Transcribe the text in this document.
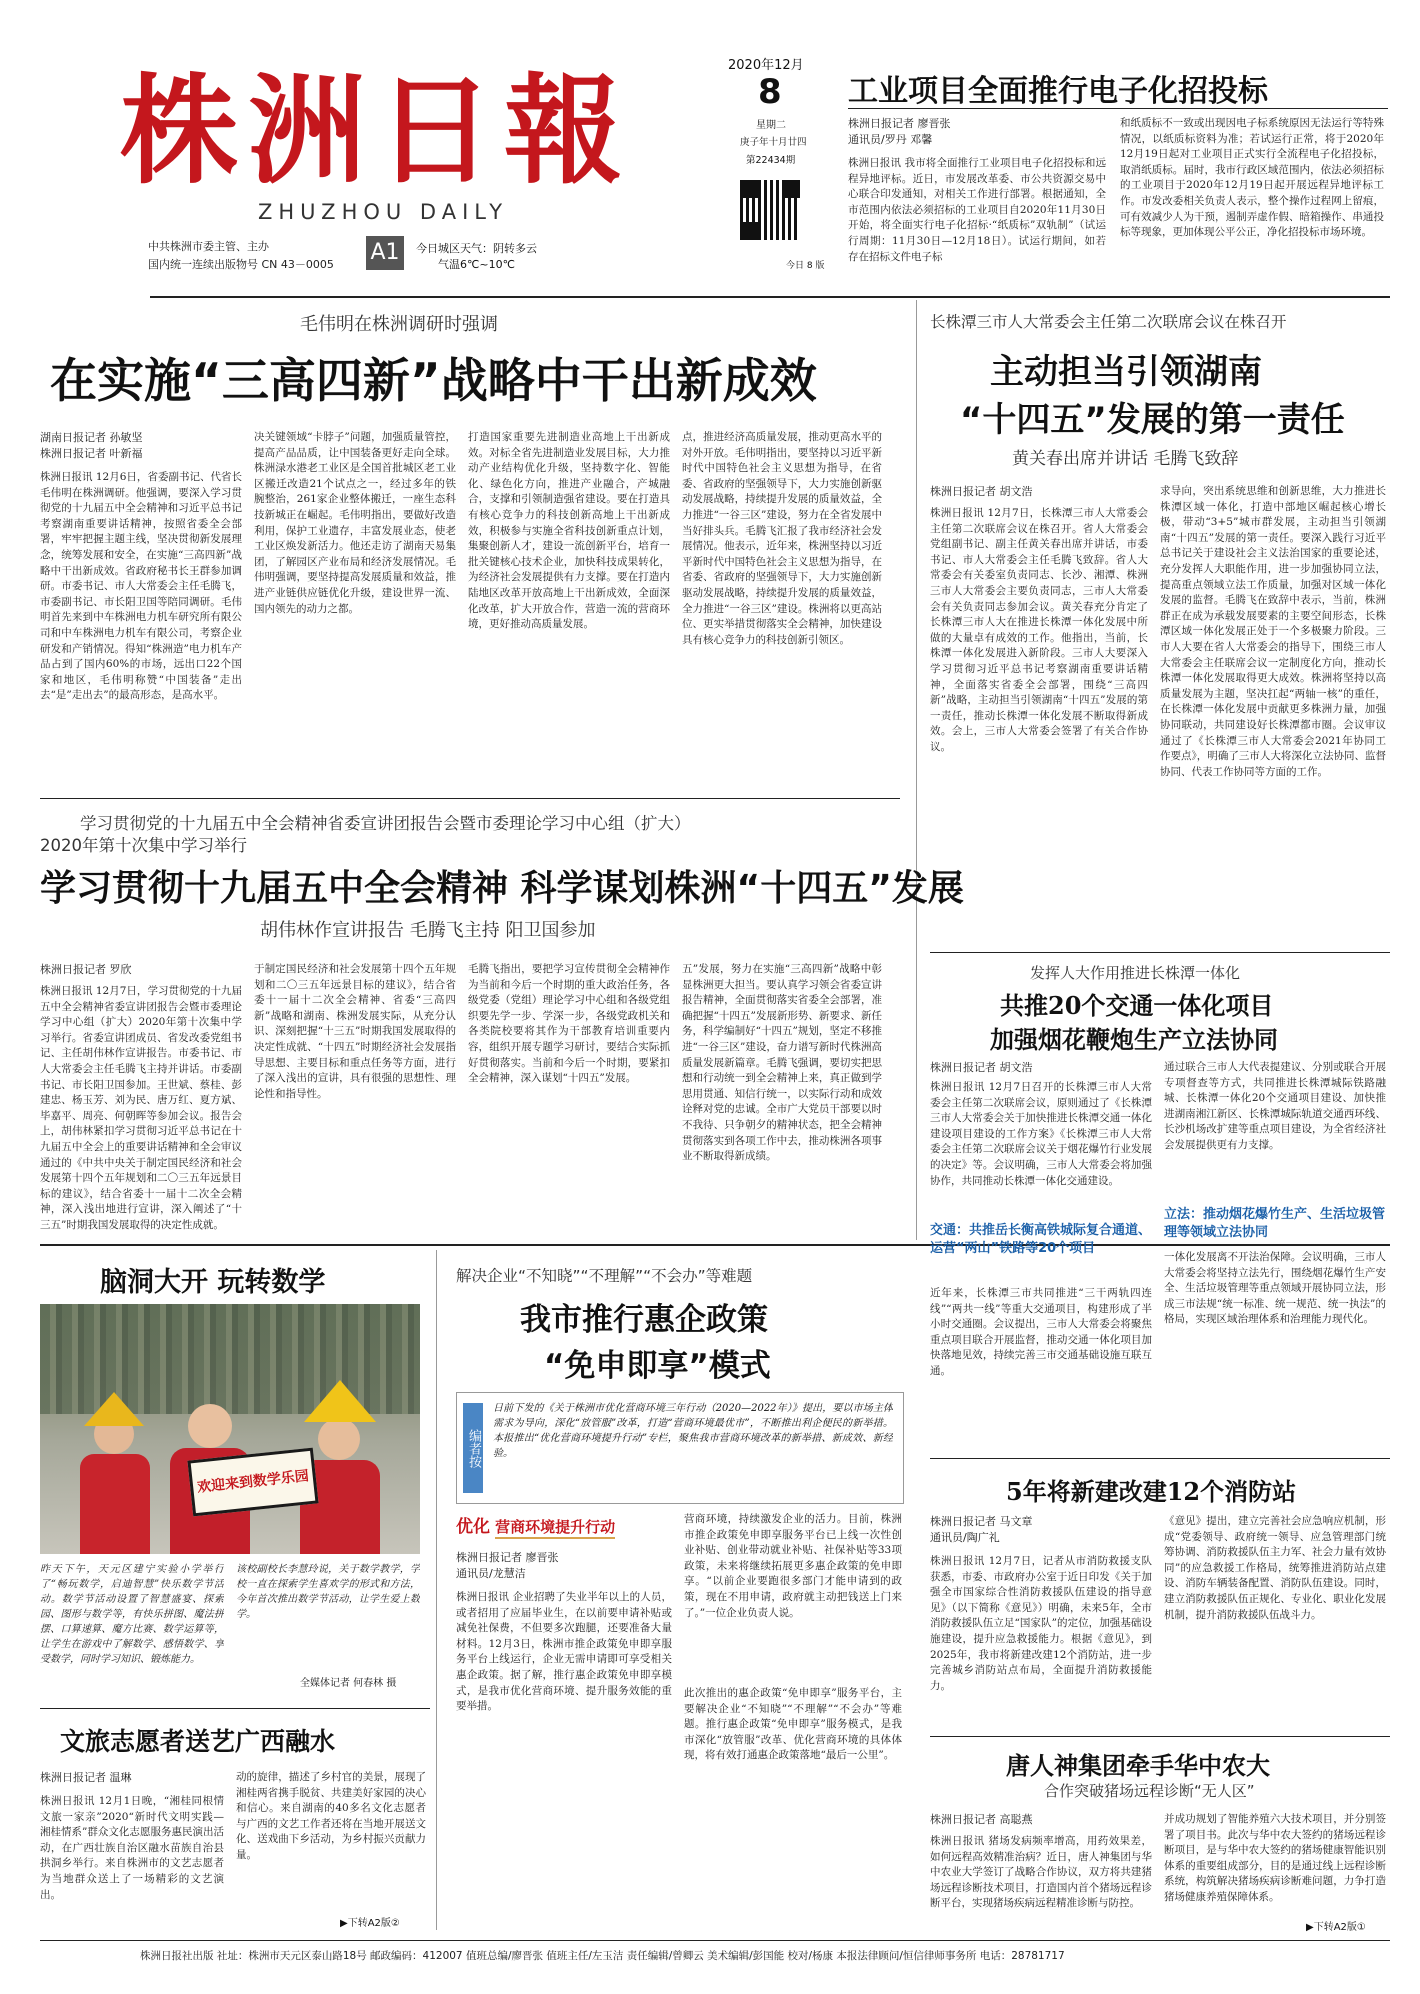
株洲日報
ZHUZHOU DAILY
中共株洲市委主管、主办
国内统一连续出版物号 CN 43－0005 A1	今日城区天气：阴转多云
气温6℃~10℃
2020年12月
8
星期二
庚子年十月廿四
第22434期
今日 8 版
工业项目全面推行电子化招投标
株洲日报记者 廖晋张
通讯员/罗丹 邓馨
株洲日报讯 我市将全面推行工业项目电子化招投标和远程异地评标。近日，市发展改革委、市公共资源交易中心联合印发通知，对相关工作进行部署。根据通知，全市范围内依法必须招标的工业项目自2020年11月30日开始，将全面实行电子化招标·“纸质标”双轨制”（试运行周期：11月30日—12月18日）。试运行期间，如若存在招标文件电子标
和纸质标不一致或出现因电子标系统原因无法运行等特殊情况，以纸质标资料为准；若试运行正常，将于2020年12月19日起对工业项目正式实行全流程电子化招投标，取消纸质标。届时，我市行政区域范围内，依法必须招标的工业项目于2020年12月19日起开展远程异地评标工作。市发改委相关负责人表示，整个操作过程网上留痕，可有效减少人为干预，遏制弄虚作假、暗箱操作、串通投标等现象，更加体现公平公正，净化招投标市场环境。
毛伟明在株洲调研时强调
在实施“三高四新”战略中干出新成效
湖南日报记者 孙敏坚
株洲日报记者 叶新福
株洲日报讯 12月6日，省委副书记、代省长毛伟明在株洲调研。他强调，要深入学习贯彻党的十九届五中全会精神和习近平总书记考察湖南重要讲话精神，按照省委全会部署，牢牢把握主题主线，坚决贯彻新发展理念，统筹发展和安全，在实施“三高四新”战略中干出新成效。省政府秘书长王群参加调研。市委书记、市人大常委会主任毛腾飞，市委副书记、市长阳卫国等陪同调研。毛伟明首先来到中车株洲电力机车研究所有限公司和中车株洲电力机车有限公司，考察企业研发和产销情况。得知“株洲造”电力机车产品占到了国内60%的市场，远出口22个国家和地区，毛伟明称赞“中国装备”走出去“是”走出去”的最高形态，是高水平。
决关键领域“卡脖子”问题，加强质量管控，提高产品品质，让中国装备更好走向全球。株洲渌水港老工业区是全国首批城区老工业区搬迁改造21个试点之一，经过多年的铁腕整治，261家企业整体搬迁，一座生态科技新城正在崛起。毛伟明指出，要做好改造利用，保护工业遗存，丰富发展业态，使老工业区焕发新活力。他还走访了湖南天易集团，了解园区产业布局和经济发展情况。毛伟明强调，要坚持提高发展质量和效益，推进产业链供应链优化升级，建设世界一流、国内领先的动力之都。
打造国家重要先进制造业高地上干出新成效。对标全省先进制造业发展目标，大力推动产业结构优化升级，坚持数字化、智能化、绿色化方向，推进产业融合，产城融合，支撑和引领制造强省建设。要在打造具有核心竞争力的科技创新高地上干出新成效，积极参与实施全省科技创新重点计划，集聚创新人才，建设一流创新平台，培育一批关键核心技术企业，加快科技成果转化，为经济社会发展提供有力支撑。要在打造内陆地区改革开放高地上干出新成效，全面深化改革，扩大开放合作，营造一流的营商环境，更好推动高质量发展。
点，推进经济高质量发展，推动更高水平的对外开放。毛伟明指出，要坚持以习近平新时代中国特色社会主义思想为指导，在省委、省政府的坚强领导下，大力实施创新驱动发展战略，持续提升发展的质量效益，全力推进“一谷三区”建设，努力在全省发展中当好排头兵。毛腾飞汇报了我市经济社会发展情况。他表示，近年来，株洲坚持以习近平新时代中国特色社会主义思想为指导，在省委、省政府的坚强领导下，大力实施创新驱动发展战略，持续提升发展的质量效益，全力推进“一谷三区”建设。株洲将以更高站位、更实举措贯彻落实全会精神，加快建设具有核心竞争力的科技创新引领区。
学习贯彻党的十九届五中全会精神省委宣讲团报告会暨市委理论学习中心组（扩大）
2020年第十次集中学习举行
学习贯彻十九届五中全会精神 科学谋划株洲“十四五”发展
胡伟林作宣讲报告 毛腾飞主持 阳卫国参加
株洲日报记者 罗欣
株洲日报讯 12月7日，学习贯彻党的十九届五中全会精神省委宣讲团报告会暨市委理论学习中心组（扩大）2020年第十次集中学习举行。省委宣讲团成员、省发改委党组书记、主任胡伟林作宣讲报告。市委书记、市人大常委会主任毛腾飞主持并讲话。市委副书记、市长阳卫国参加。王世斌、蔡桂、彭建忠、杨玉芳、刘为民、唐万红、夏方斌、毕嘉平、周亮、何朝晖等参加会议。报告会上，胡伟林紧扣学习贯彻习近平总书记在十九届五中全会上的重要讲话精神和全会审议通过的《中共中央关于制定国民经济和社会发展第十四个五年规划和二〇三五年远景目标的建议》，结合省委十一届十二次全会精神，深入浅出地进行宣讲，深入阐述了“十三五”时期我国发展取得的决定性成就。
于制定国民经济和社会发展第十四个五年规划和二〇三五年远景目标的建议》，结合省委十一届十二次全会精神、省委“三高四新”战略和湖南、株洲发展实际，从充分认识、深刻把握“十三五”时期我国发展取得的决定性成就、“十四五”时期经济社会发展指导思想、主要目标和重点任务等方面，进行了深入浅出的宣讲，具有很强的思想性、理论性和指导性。
毛腾飞指出，要把学习宣传贯彻全会精神作为当前和今后一个时期的重大政治任务，各级党委（党组）理论学习中心组和各级党组织要先学一步、学深一步，各级党政机关和各类院校要将其作为干部教育培训重要内容，组织开展专题学习研讨，要结合实际抓好贯彻落实。当前和今后一个时期，要紧扣全会精神，深入谋划“十四五”发展。
五”发展，努力在实施“三高四新”战略中彰显株洲更大担当。要认真学习领会省委宣讲报告精神，全面贯彻落实省委全会部署，准确把握“十四五”发展新形势、新要求、新任务，科学编制好“十四五”规划，坚定不移推进“一谷三区”建设，奋力谱写新时代株洲高质量发展新篇章。毛腾飞强调，要切实把思想和行动统一到全会精神上来，真正做到学思用贯通、知信行统一，以实际行动和成效诠释对党的忠诚。全市广大党员干部要以时不我待、只争朝夕的精神状态，把全会精神贯彻落实到各项工作中去，推动株洲各项事业不断取得新成绩。
长株潭三市人大常委会主任第二次联席会议在株召开
主动担当引领湖南
“十四五”发展的第一责任
黄关春出席并讲话 毛腾飞致辞
株洲日报记者 胡文浩
株洲日报讯 12月7日，长株潭三市人大常委会主任第二次联席会议在株召开。省人大常委会党组副书记、副主任黄关春出席并讲话，市委书记、市人大常委会主任毛腾飞致辞。省人大常委会有关委室负责同志、长沙、湘潭、株洲三市人大常委会主要负责同志，三市人大常委会有关负责同志参加会议。黄关春充分肯定了长株潭三市人大在推进长株潭一体化发展中所做的大量卓有成效的工作。他指出，当前，长株潭一体化发展进入新阶段。三市人大要深入学习贯彻习近平总书记考察湖南重要讲话精神，全面落实省委全会部署，围绕“三高四新”战略，主动担当引领湖南“十四五”发展的第一责任，推动长株潭一体化发展不断取得新成效。会上，三市人大常委会签署了有关合作协议。
求导向，突出系统思维和创新思维，大力推进长株潭区域一体化，打造中部地区崛起核心增长极，带动“3+5”城市群发展，主动担当引领湖南“十四五”发展的第一责任。要深入践行习近平总书记关于建设社会主义法治国家的重要论述，充分发挥人大职能作用，进一步加强协同立法，提高重点领域立法工作质量，加强对区域一体化发展的监督。毛腾飞在致辞中表示，当前，株洲群正在成为承载发展要素的主要空间形态，长株潭区域一体化发展正处于一个多极聚力阶段。三市人大要在省人大常委会的指导下，围绕三市人大常委会主任联席会议一定制度化方向，推动长株潭一体化发展取得更大成效。株洲将坚持以高质量发展为主题，坚决扛起“两轴一核”的重任，在长株潭一体化发展中贡献更多株洲力量，加强协同联动，共同建设好长株潭都市圈。会议审议通过了《长株潭三市人大常委会2021年协同工作要点》，明确了三市人大将深化立法协同、监督协同、代表工作协同等方面的工作。
发挥人大作用推进长株潭一体化
共推20个交通一体化项目
加强烟花鞭炮生产立法协同
株洲日报记者 胡文浩
株洲日报讯 12月7日召开的长株潭三市人大常委会主任第二次联席会议，原则通过了《长株潭三市人大常委会关于加快推进长株潭交通一体化建设项目建设的工作方案》《长株潭三市人大常委会主任第二次联席会议关于烟花爆竹行业发展的决定》等。会议明确，三市人大常委会将加强协作，共同推动长株潭一体化交通建设。
交通：共推岳长衡高铁城际复合通道、运营“两山”铁路等20个项目
近年来，长株潭三市共同推进“三干两轨四连线”“两共一线”等重大交通项目，构建形成了半小时交通圈。会议提出，三市人大常委会将聚焦重点项目联合开展监督，推动交通一体化项目加快落地见效，持续完善三市交通基础设施互联互通。
通过联合三市人大代表提建议、分别或联合开展专项督查等方式，共同推进长株潭城际铁路融城、长株潭一体化20个交通项目建设、加快推进湖南湘江新区、长株潭城际轨道交通西环线、长沙机场改扩建等重点项目建设，为全省经济社会发展提供更有力支撑。
立法：推动烟花爆竹生产、生活垃圾管理等领域立法协同
一体化发展离不开法治保障。会议明确，三市人大常委会将坚持立法先行，围绕烟花爆竹生产安全、生活垃圾管理等重点领域开展协同立法，形成三市法规“统一标准、统一规范、统一执法”的格局，实现区域治理体系和治理能力现代化。
脑洞大开 玩转数学
欢迎来到数学乐园
昨天下午，天元区建宁实验小学举行了“畅玩数学，启迪智慧”快乐数学节活动。数学节活动设置了智慧盛宴、探索园、图形与数学等，有快乐拼图、魔法拼摆、口算速算、魔方比赛、数学运算等，让学生在游戏中了解数学、感悟数学、享受数学，同时学习知识、锻炼能力。
该校副校长李慧玲说，关于数学教学，学校一直在探索学生喜欢学的形式和方法，今年首次推出数学节活动，让学生爱上数学。
全媒体记者 何春林 摄
文旅志愿者送艺广西融水
株洲日报记者 温琳
株洲日报讯 12月1日晚，“湘桂同根情 文旅一家亲”2020“新时代文明实践—湘桂情系”群众文化志愿服务惠民演出活动，在广西壮族自治区融水苗族自治县拱洞乡举行。来自株洲市的文艺志愿者为当地群众送上了一场精彩的文艺演出。
动的旋律，描述了乡村官的美景，展现了湘桂两省携手脱贫、共建美好家园的决心和信心。来自湖南的40多名文化志愿者与广西的文艺工作者还将在当地开展送文化、送戏曲下乡活动，为乡村振兴贡献力量。
▶下转A2版②
解决企业“不知晓”“不理解”“不会办”等难题
我市推行惠企政策
“免申即享”模式
编者按
日前下发的《关于株洲市优化营商环境三年行动（2020—2022年）》提出，要以市场主体需求为导向，深化“放管服”改革，打造“营商环境最优市”，不断推出利企便民的新举措。本报推出“优化营商环境提升行动”专栏，聚焦我市营商环境改革的新举措、新成效、新经验。
优化 营商环境提升行动
株洲日报记者 廖晋张
通讯员/龙慧洁
株洲日报讯 企业招聘了失业半年以上的人员，或者招用了应届毕业生，在以前要申请补贴或减免社保费，不但要多次跑腿，还要准备大量材料。12月3日，株洲市推企政策免申即享服务平台上线运行，企业无需申请即可享受相关惠企政策。据了解，推行惠企政策免申即享模式，是我市优化营商环境、提升服务效能的重要举措。
营商环境，持续激发企业的活力。目前，株洲市推企政策免申即享服务平台已上线一次性创业补贴、创业带动就业补贴、社保补贴等33项政策，未来将继续拓展更多惠企政策的免申即享。“以前企业要跑很多部门才能申请到的政策，现在不用申请，政府就主动把钱送上门来了。”一位企业负责人说。
此次推出的惠企政策“免申即享”服务平台，主要解决企业“不知晓”“不理解”“不会办”等难题。推行惠企政策“免申即享”服务模式，是我市深化“放管服”改革、优化营商环境的具体体现，将有效打通惠企政策落地“最后一公里”。
5年将新建改建12个消防站
株洲日报记者 马文章
通讯员/陶广礼
株洲日报讯 12月7日，记者从市消防救援支队获悉，市委、市政府办公室于近日印发《关于加强全市国家综合性消防救援队伍建设的指导意见》（以下简称《意见》）明确，未来5年，全市消防救援队伍立足“国家队”的定位，加强基础设施建设，提升应急救援能力。根据《意见》，到2025年，我市将新建改建12个消防站，进一步完善城乡消防站点布局，全面提升消防救援能力。
《意见》提出，建立完善社会应急响应机制，形成“党委领导、政府统一领导、应急管理部门统筹协调、消防救援队伍主力军、社会力量有效协同”的应急救援工作格局，统筹推进消防站点建设、消防车辆装备配置、消防队伍建设。同时，建立消防救援队伍正规化、专业化、职业化发展机制，提升消防救援队伍战斗力。
唐人神集团牵手华中农大
合作突破猪场远程诊断“无人区”
株洲日报记者 高聪燕
株洲日报讯 猪场发病频率增高，用药效果差，如何远程高效精准治病？近日，唐人神集团与华中农业大学签订了战略合作协议，双方将共建猪场远程诊断技术项目，打造国内首个猪场远程诊断平台，实现猪场疾病远程精准诊断与防控。
并成功规划了智能养殖六大技术项目，并分别签署了项目书。此次与华中农大签约的猪场远程诊断项目，是与华中农大签约的猪场健康智能识别体系的重要组成部分，目的是通过线上远程诊断系统，构筑解决猪场疾病诊断难问题，力争打造猪场健康养殖保障体系。
▶下转A2版①
株洲日报社出版 社址：株洲市天元区泰山路18号 邮政编码：412007 值班总编/廖晋张 值班主任/左玉洁 责任编辑/曾卿云 美术编辑/彭国能 校对/杨康 本报法律顾问/恒信律师事务所 电话：28781717
